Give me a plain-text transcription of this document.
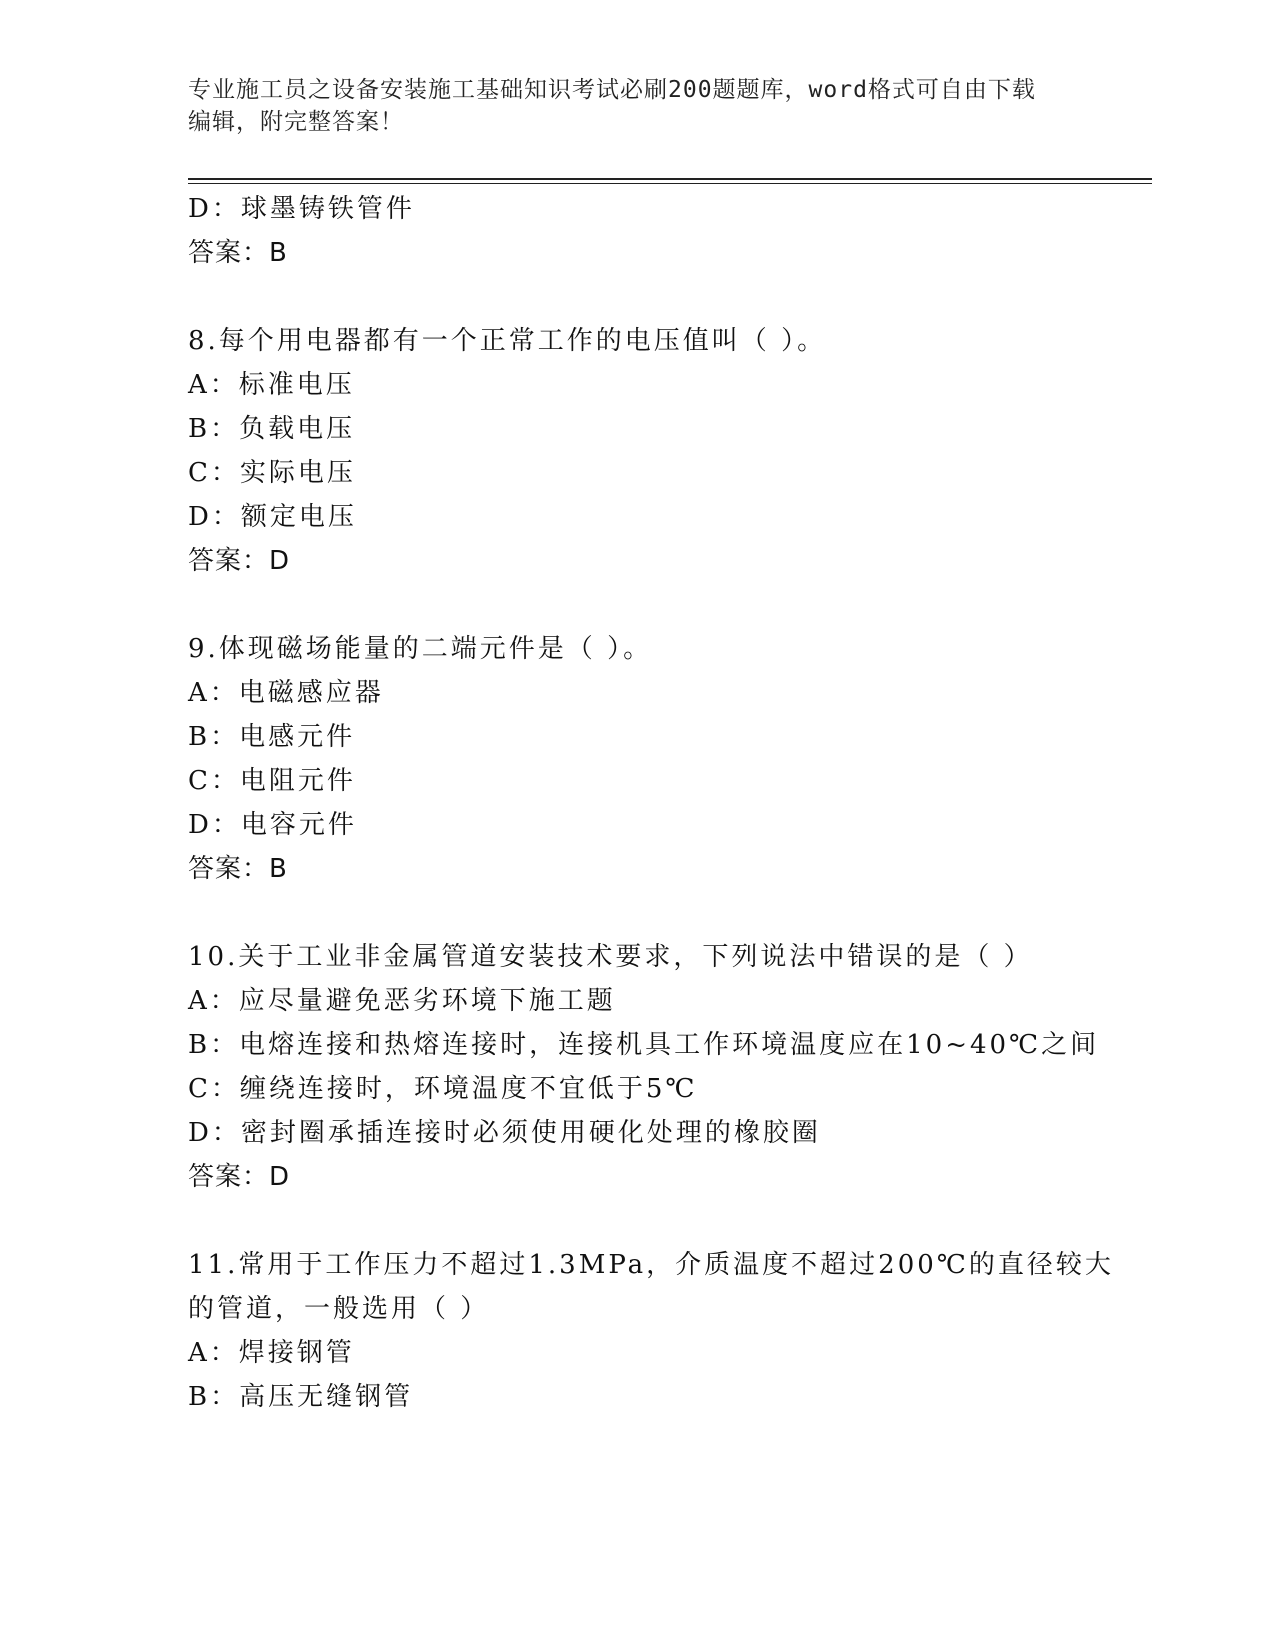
专业施工员之设备安装施工基础知识考试必刷200题题库，word格式可自由下载
编辑，附完整答案！
D：球墨铸铁管件
答案：B
8.每个用电器都有一个正常工作的电压值叫（ ）。
A：标准电压
B：负载电压
C：实际电压
D：额定电压
答案：D
9.体现磁场能量的二端元件是（ ）。
A：电磁感应器
B：电感元件
C：电阻元件
D：电容元件
答案：B
10.关于工业非金属管道安装技术要求，下列说法中错误的是（ ）
A：应尽量避免恶劣环境下施工题
B：电熔连接和热熔连接时，连接机具工作环境温度应在10~40℃之间
C：缠绕连接时，环境温度不宜低于5℃
D：密封圈承插连接时必须使用硬化处理的橡胶圈
答案：D
11.常用于工作压力不超过1.3MPa，介质温度不超过200℃的直径较大
的管道，一般选用（ ）
A：焊接钢管
B：高压无缝钢管
